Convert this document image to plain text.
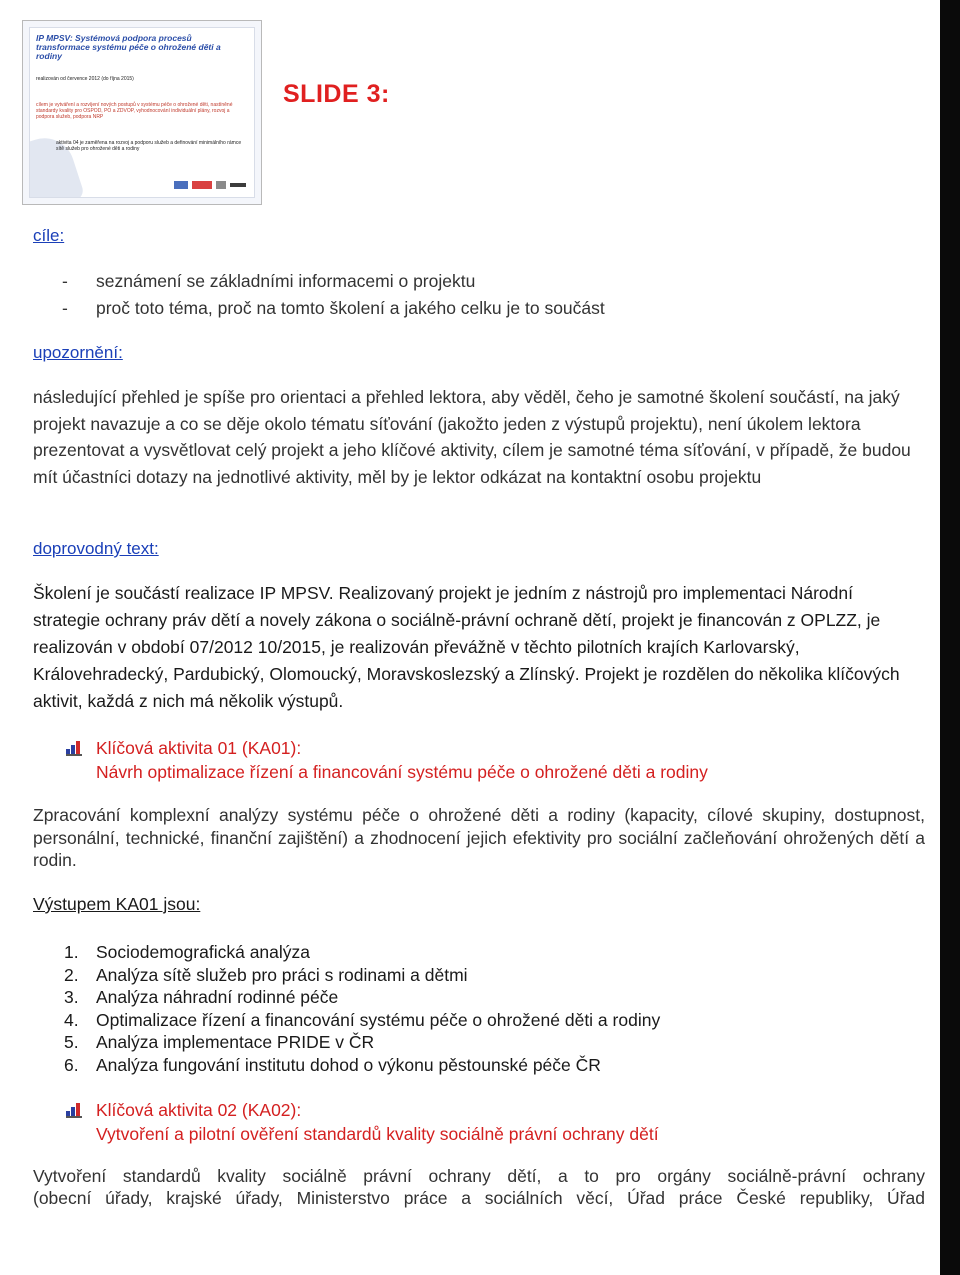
IP MPSV: Systémová podpora procesů transformace systému péče o ohrožené děti a rodiny
realizován od července 2012 (do října 2015)
cílem je vytváření a rozvíjení nových postupů v systému péče o ohrožené děti, nastíněné standardy kvality pro OSPOD, PO a ZDVOP, vyhodnocování individuální plány, rozvoj a podpora služeb, podpora NRP
aktivita 04 je zaměřena na rozvoj a podporu služeb a definování minimálního rámce sítě služeb pro ohrožené děti a rodiny
SLIDE 3:
cíle:
-	seznámení se základními informacemi o projektu
-	proč toto téma, proč na tomto školení a jakého celku je to součást
upozornění:
následující přehled je spíše pro orientaci a přehled lektora, aby věděl, čeho je samotné školení součástí, na jaký projekt navazuje a co se děje okolo tématu síťování (jakožto jeden z výstupů projektu), není úkolem lektora prezentovat a vysvětlovat celý projekt a jeho klíčové aktivity, cílem je samotné téma síťování, v případě, že budou mít účastníci dotazy na jednotlivé aktivity, měl by je lektor odkázat na kontaktní osobu projektu
doprovodný text:
Školení je součástí realizace IP MPSV. Realizovaný projekt je jedním z nástrojů pro implementaci Národní strategie ochrany práv dětí a novely zákona o sociálně-právní ochraně dětí, projekt je financován z OPLZZ, je realizován v období 07/2012 10/2015, je realizován převážně v těchto pilotních krajích Karlovarský, Královehradecký, Pardubický, Olomoucký, Moravskoslezský a Zlínský. Projekt je rozdělen do několika klíčových aktivit, každá z nich má několik výstupů.
Klíčová aktivita 01 (KA01):
Návrh optimalizace řízení a financování systému péče o ohrožené děti a rodiny
Zpracování komplexní analýzy systému péče o ohrožené děti a rodiny (kapacity, cílové skupiny, dostupnost, personální, technické, finanční zajištění) a zhodnocení jejich efektivity pro sociální začleňování ohrožených dětí a rodin.
Výstupem KA01 jsou:
1. Sociodemografická analýza
2. Analýza sítě služeb pro práci s rodinami a dětmi
3. Analýza náhradní rodinné péče
4. Optimalizace řízení a financování systému péče o ohrožené děti a rodiny
5. Analýza implementace PRIDE v ČR
6. Analýza fungování institutu dohod o výkonu pěstounské péče ČR
Klíčová aktivita 02 (KA02):
Vytvoření a pilotní ověření standardů kvality sociálně právní ochrany dětí
Vytvoření standardů kvality sociálně právní ochrany dětí, a to pro orgány sociálně-právní ochrany
(obecní úřady, krajské úřady, Ministerstvo práce a sociálních věcí, Úřad práce České republiky, Úřad
